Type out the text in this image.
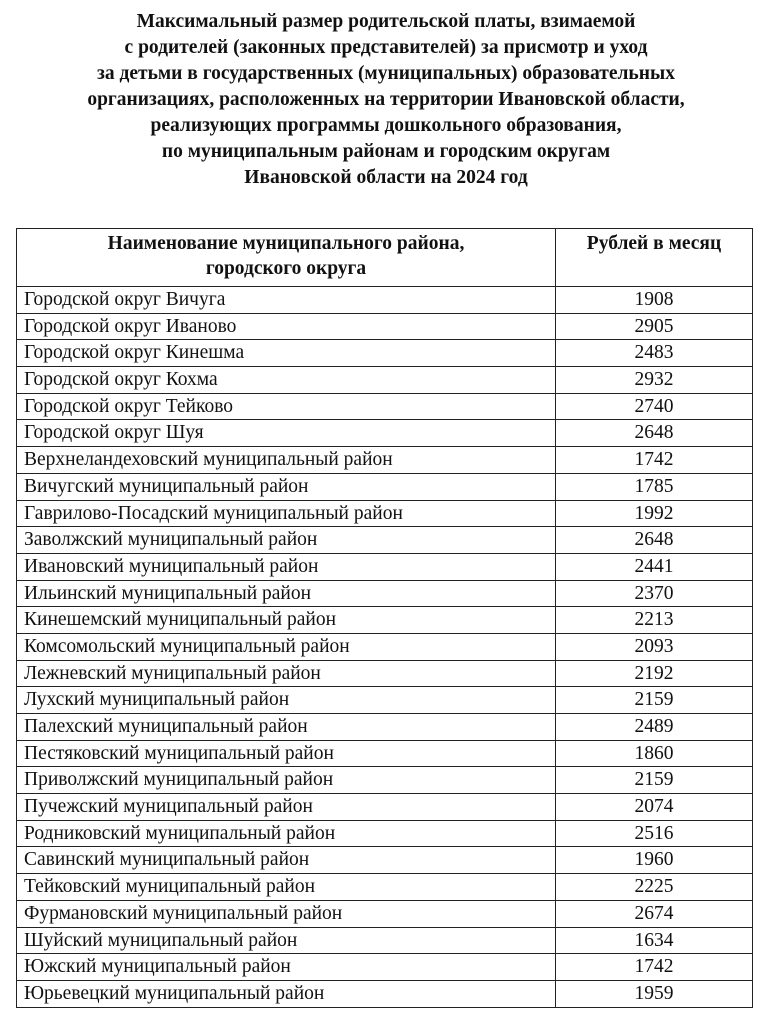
Максимальный размер родительской платы, взимаемой
с родителей (законных представителей) за присмотр и уход
за детьми в государственных (муниципальных) образовательных
организациях, расположенных на территории Ивановской области,
реализующих программы дошкольного образования,
по муниципальным районам и городским округам
Ивановской области на 2024 год
Наименование муниципального района,
городского округа	Рублей в месяц

Городской округ Вичуга	1908
Городской округ Иваново	2905
Городской округ Кинешма	2483
Городской округ Кохма	2932
Городской округ Тейково	2740
Городской округ Шуя	2648
Верхнеландеховский муниципальный район	1742
Вичугский муниципальный район	1785
Гаврилово-Посадский муниципальный район	1992
Заволжский муниципальный район	2648
Ивановский муниципальный район	2441
Ильинский муниципальный район	2370
Кинешемский муниципальный район	2213
Комсомольский муниципальный район	2093
Лежневский муниципальный район	2192
Лухский муниципальный район	2159
Палехский муниципальный район	2489
Пестяковский муниципальный район	1860
Приволжский муниципальный район	2159
Пучежский муниципальный район	2074
Родниковский муниципальный район	2516
Савинский муниципальный район	1960
Тейковский муниципальный район	2225
Фурмановский муниципальный район	2674
Шуйский муниципальный район	1634
Южский муниципальный район	1742
Юрьевецкий муниципальный район	1959
